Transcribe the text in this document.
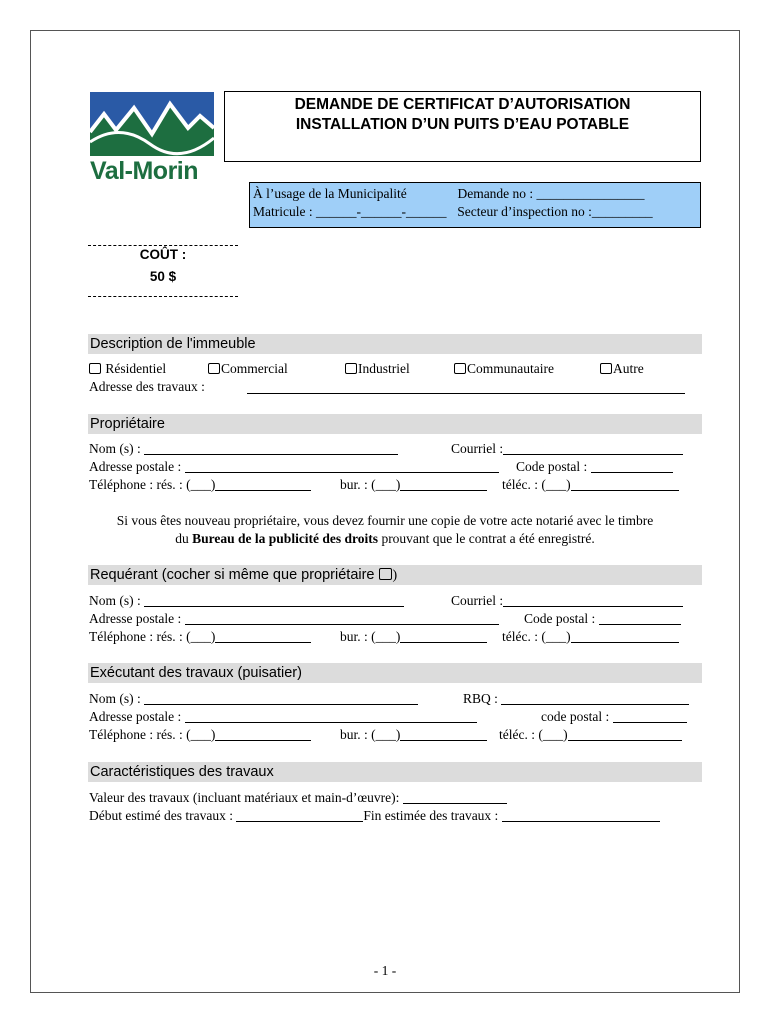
Val-Morin
DEMANDE DE CERTIFICAT D’AUTORISATION
INSTALLATION D’UN PUITS D’EAU POTABLE
À l’usage de la Municipalité	Demande no : ________________
Matricule : ______-______-______ Secteur d’inspection no :_________
COÛT :
50 $
Description de l'immeuble
Résidentiel	Commercial	Industriel	Communautaire	Autre
Adresse des travaux :
Propriétaire
Nom (s) :	Courriel :
Adresse postale :	Code postal :
Téléphone : rés. : (___)	bur. : (___)	téléc. : (___)
Si vous êtes nouveau propriétaire, vous devez fournir une copie de votre acte notarié avec le timbre
du Bureau de la publicité des droits prouvant que le contrat a été enregistré.
Requérant (cocher si même que propriétaire )
Nom (s) :	Courriel :
Adresse postale :	Code postal :
Téléphone : rés. : (___)	bur. : (___)	téléc. : (___)
Exécutant des travaux (puisatier)
Nom (s) :	RBQ :
Adresse postale :	code postal :
Téléphone : rés. : (___)	bur. : (___)	téléc. : (___)
Caractéristiques des travaux
Valeur des travaux (incluant matériaux et main-d’œuvre):
Début estimé des travaux :	Fin estimée des travaux :
- 1 -
